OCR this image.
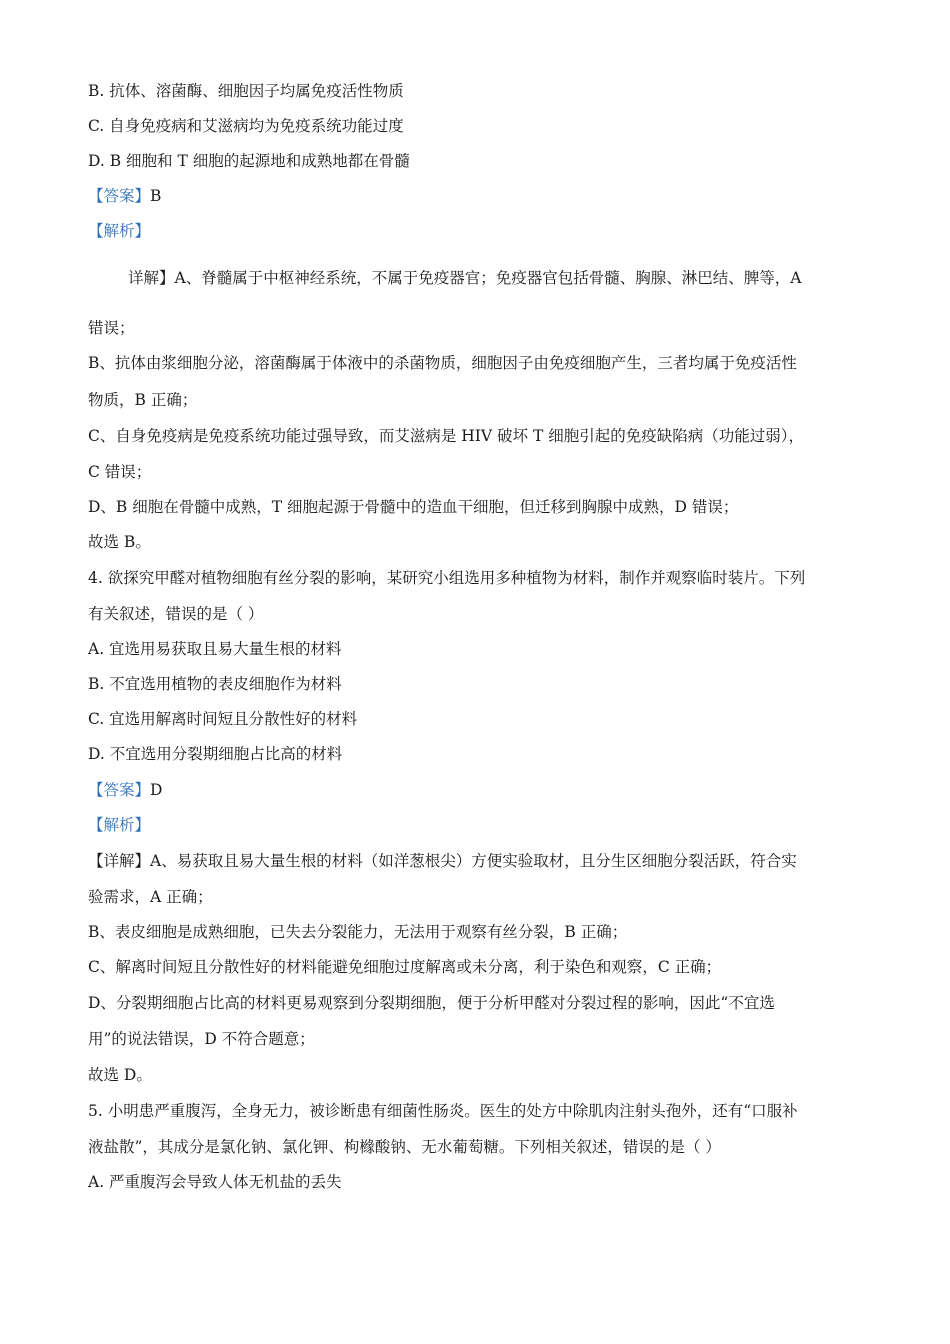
B. 抗体、溶菌酶、细胞因子均属免疫活性物质
C. 自身免疫病和艾滋病均为免疫系统功能过度
D. B 细胞和 T 细胞的起源地和成熟地都在骨髓
【答案】B
【解析】
详解】A、脊髓属于中枢神经系统，不属于免疫器官；免疫器官包括骨髓、胸腺、淋巴结、脾等，A
错误；
B、抗体由浆细胞分泌，溶菌酶属于体液中的杀菌物质，细胞因子由免疫细胞产生，三者均属于免疫活性
物质，B 正确；
C、自身免疫病是免疫系统功能过强导致，而艾滋病是 HIV 破坏 T 细胞引起的免疫缺陷病（功能过弱），
C 错误；
D、B 细胞在骨髓中成熟，T 细胞起源于骨髓中的造血干细胞，但迁移到胸腺中成熟，D 错误；
故选 B。
4. 欲探究甲醛对植物细胞有丝分裂的影响，某研究小组选用多种植物为材料，制作并观察临时装片。下列
有关叙述，错误的是（ ）
A. 宜选用易获取且易大量生根的材料
B. 不宜选用植物的表皮细胞作为材料
C. 宜选用解离时间短且分散性好的材料
D. 不宜选用分裂期细胞占比高的材料
【答案】D
【解析】
【详解】A、易获取且易大量生根的材料（如洋葱根尖）方便实验取材，且分生区细胞分裂活跃，符合实
验需求，A 正确；
B、表皮细胞是成熟细胞，已失去分裂能力，无法用于观察有丝分裂，B 正确；
C、解离时间短且分散性好的材料能避免细胞过度解离或未分离，利于染色和观察，C 正确；
D、分裂期细胞占比高的材料更易观察到分裂期细胞，便于分析甲醛对分裂过程的影响，因此“不宜选
用”的说法错误，D 不符合题意；
故选 D。
5. 小明患严重腹泻，全身无力，被诊断患有细菌性肠炎。医生的处方中除肌肉注射头孢外，还有“口服补
液盐散”，其成分是氯化钠、氯化钾、枸橼酸钠、无水葡萄糖。下列相关叙述，错误的是（ ）
A. 严重腹泻会导致人体无机盐的丢失
